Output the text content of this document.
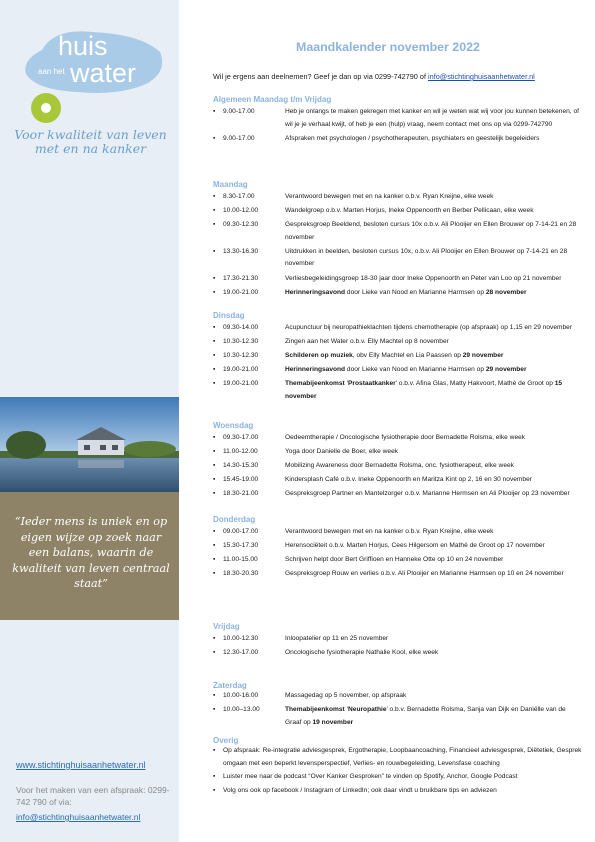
huis
aan het water
Voor kwaliteit van leven met en na kanker
“Ieder mens is uniek en op eigen wijze op zoek naar een balans, waarin de kwaliteit van leven centraal staat”
www.stichtinghuisaanhetwater.nl
Voor het maken van een afspraak: 0299-742 790 of via:
info@stichtinghuisaanhetwater.nl
Maandkalender november 2022
Wil je ergens aan deelnemen? Geef je dan op via 0299-742790 of info@stichtinghuisaanhetwater.nl
Algemeen Maandag t/m Vrijdag
▪	9.00-17.00	Heb je onlangs te maken gekregen met kanker en wil je weten wat wij voor jou kunnen betekenen, of wil je je verhaal kwijt, of heb je een (hulp) vraag, neem contact met ons op via 0299-742790
▪	9.00-17.00	Afspraken met psychologen / psychotherapeuten, psychiaters en geestelijk begeleiders
Maandag
▪	8.30-17.00	Verantwoord bewegen met en na kanker o.b.v. Ryan Kreijne, elke week
▪	10.00-12.00	Wandelgroep o.b.v. Marten Horjus, Ineke Oppenoorth en Berber Pellicaan, elke week
▪	09.30-12.30	Gespreksgroep Beeldend, besloten cursus 10x o.b.v. Ali Plooijer en Ellen Brouwer op 7-14-21 en 28 november
▪	13.30-16.30	Uitdrukken in beelden, besloten cursus 10x, o.b.v. Ali Plooijer en Ellen Brouwer op 7-14-21 en 28 november
▪	17.30-21.30	Verliesbegeleidingsgroep 18-30 jaar door Ineke Oppenoorth en Peter van Loo op 21 november
▪	19.00-21.00	Herinneringsavond door Lieke van Nood en Marianne Harmsen op 28 november
Dinsdag
▪	09.30-14.00	Acupunctuur bij neuropathieklachten tijdens chemotherapie (op afspraak) op 1,15 en 29 november
▪	10.30-12.30	Zingen aan het Water o.b.v. Elly Machtel op 8 november
▪	10.30-12.30	Schilderen op muziek, obv Elly Machtel en Lia Paassen op 29 november
▪	19.00-21.00	Herinneringsavond door Lieke van Nood en Marianne Harmsen op 29 november
▪	19.00-21.00	Themabijeenkomst ‘Prostaatkanker’ o.b.v. Afina Glas, Matty Hakvoort, Mathé de Groot op 15 november
Woensdag
▪	09.30-17.00	Oedeemtherapie / Oncologische fysiotherapie door Bernadette Rolsma, elke week
▪	11.00-12.00	Yoga door Danielle de Boer, elke week
▪	14.30-15.30	Mobilizing Awareness door Bernadette Rolsma, onc. fysiotherapeut, elke week
▪	15.45-19.00	Kindersplash Café o.b.v. Ineke Oppenoorth en Maritza Kint op 2, 16 en 30 november
▪	18.30-21.00	Gespreksgroep Partner en Mantelzorger o.b.v. Marianne Hermsen en Ali Plooijer op 23 november
Donderdag
▪	09.00-17.00	Verantwoord bewegen met en na kanker o.b.v. Ryan Kreijne, elke week
▪	15.30-17.30	Herensociëteit o.b.v. Marten Horjus, Cees Hilgersom en Mathé de Groot op 17 november
▪	11.00-15.00	Schrijven helpt door Bert Griffioen en Hanneke Otte op 10 en 24 november
▪	18.30-20.30	Gespreksgroep Rouw en verlies o.b.v. Ali Plooijer en Marianne Harmsen op 10 en 24 november
Vrijdag
▪	10.00-12.30	Inloopatelier op 11 en 25 november
▪	12.30-17.00	Oncologische fysiotherapie Nathalie Kool, elke week
Zaterdag
▪	10.00-16.00	Massagedag op 5 november, op afspraak
▪	10.00–13.00	Themabijeenkomst ‘Neuropathie’ o.b.v. Bernadette Rolsma, Sanja van Dijk en Daniëlle van de Graaf op 19 november
Overig
▪	Op afspraak: Re-integratie adviesgesprek, Ergotherapie, Loopbaancoaching, Financieel adviesgesprek, Diëtetiek, Gesprek omgaan met een beperkt levensperspectief, Verlies- en rouwbegeleiding, Levensfase coaching
▪	Luister mee naar de podcast “Over Kanker Gesproken” te vinden op Spotify, Anchor, Google Podcast
▪	Volg ons ook op facebook / Instagram of LinkedIn; ook daar vindt u bruikbare tips en adviezen
